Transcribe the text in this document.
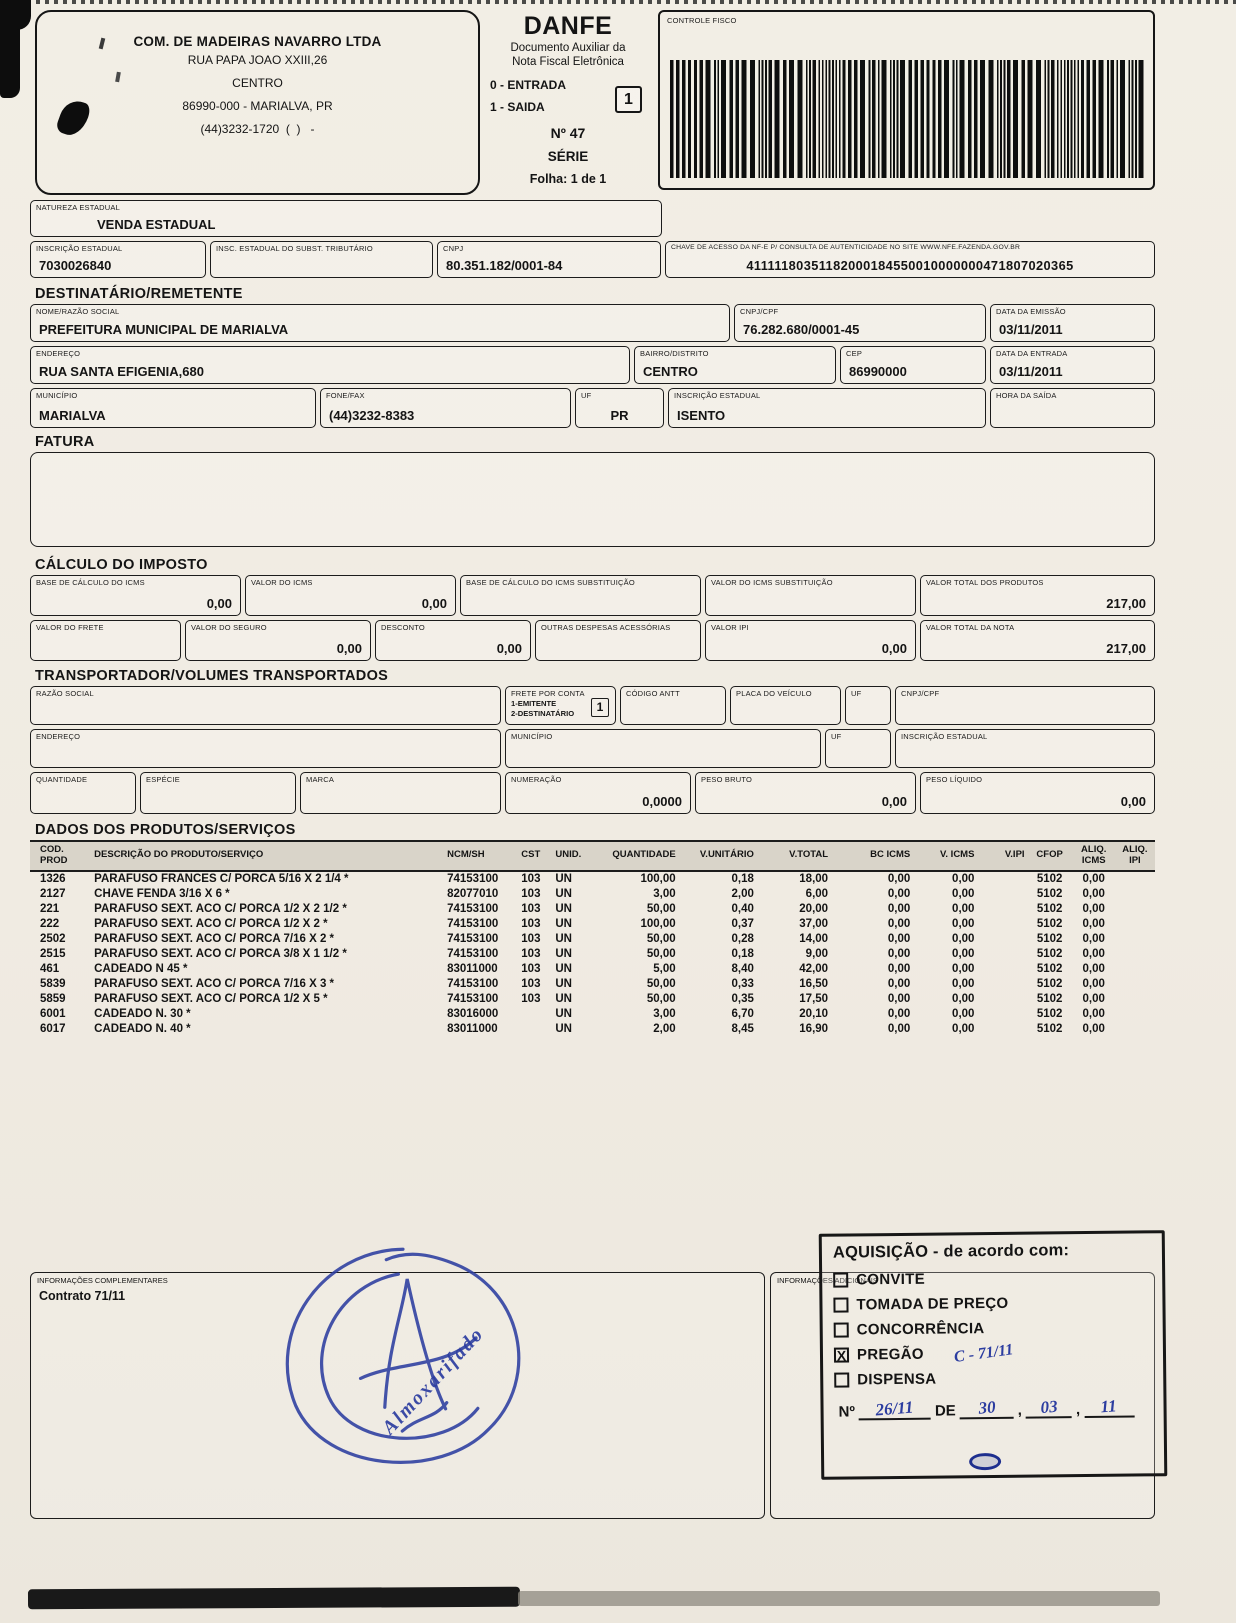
COM. DE MADEIRAS NAVARRO LTDA
RUA PAPA JOAO XXIII,26
CENTRO
86990-000 - MARIALVA, PR
(44)3232-1720  (  )   -
DANFE
Documento Auxiliar da
Nota Fiscal Eletrônica
0 - ENTRADA
1 - SAIDA	1
Nº 47
SÉRIE
Folha: 1 de 1
CONTROLE FISCO
NATUREZA ESTADUAL
VENDA ESTADUAL
INSCRIÇÃO ESTADUAL
7030026840
INSC. ESTADUAL DO SUBST. TRIBUTÁRIO	CNPJ
80.351.182/0001-84
CHAVE DE ACESSO DA NF-E P/ CONSULTA DE AUTENTICIDADE NO SITE WWW.NFE.FAZENDA.GOV.BR
41111180351182000184550010000000471807020365
DESTINATÁRIO/REMETENTE
NOME/RAZÃO SOCIAL
PREFEITURA MUNICIPAL DE MARIALVA
CNPJ/CPF
76.282.680/0001-45
DATA DA EMISSÃO
03/11/2011
ENDEREÇO
RUA SANTA EFIGENIA,680
BAIRRO/DISTRITO
CENTRO
CEP
86990000
DATA DA ENTRADA
03/11/2011
MUNICÍPIO
MARIALVA
FONE/FAX
(44)3232-8383
UF
PR
INSCRIÇÃO ESTADUAL
ISENTO
HORA DA SAÍDA
FATURA
CÁLCULO DO IMPOSTO
BASE DE CÁLCULO DO ICMS
0,00
VALOR DO ICMS
0,00
BASE DE CÁLCULO DO ICMS SUBSTITUIÇÃO	VALOR DO ICMS SUBSTITUIÇÃO	VALOR TOTAL DOS PRODUTOS
217,00
VALOR DO FRETE	VALOR DO SEGURO
0,00
DESCONTO
0,00
OUTRAS DESPESAS ACESSÓRIAS	VALOR IPI
0,00
VALOR TOTAL DA NOTA
217,00
TRANSPORTADOR/VOLUMES TRANSPORTADOS
RAZÃO SOCIAL	FRETE POR CONTA
1-EMITENTE
2-DESTINATÁRIO	1
CÓDIGO ANTT	PLACA DO VEÍCULO	UF	CNPJ/CPF
ENDEREÇO	MUNICÍPIO	UF	INSCRIÇÃO ESTADUAL
QUANTIDADE	ESPÉCIE	MARCA	NUMERAÇÃO
0,0000
PESO BRUTO
0,00
PESO LÍQUIDO
0,00
DADOS DOS PRODUTOS/SERVIÇOS
COD. PROD	DESCRIÇÃO DO PRODUTO/SERVIÇO	NCM/SH	CST	UNID.	QUANTIDADE	V.UNITÁRIO	V.TOTAL	BC ICMS	V. ICMS	V.IPI	CFOP	ALIQ. ICMS	ALIQ. IPI
1326	PARAFUSO FRANCES C/ PORCA 5/16 X 2 1/4 *	74153100	103	UN	100,00	0,18	18,00	0,00	0,00		5102	0,00	
2127	CHAVE FENDA 3/16 X 6 *	82077010	103	UN	3,00	2,00	6,00	0,00	0,00		5102	0,00	
221	PARAFUSO SEXT. ACO C/ PORCA 1/2 X 2 1/2 *	74153100	103	UN	50,00	0,40	20,00	0,00	0,00		5102	0,00	
222	PARAFUSO SEXT. ACO C/ PORCA 1/2 X 2 *	74153100	103	UN	100,00	0,37	37,00	0,00	0,00		5102	0,00	
2502	PARAFUSO SEXT. ACO C/ PORCA 7/16 X 2 *	74153100	103	UN	50,00	0,28	14,00	0,00	0,00		5102	0,00	
2515	PARAFUSO SEXT. ACO C/ PORCA 3/8 X 1 1/2 *	74153100	103	UN	50,00	0,18	9,00	0,00	0,00		5102	0,00	
461	CADEADO N 45 *	83011000	103	UN	5,00	8,40	42,00	0,00	0,00		5102	0,00	
5839	PARAFUSO SEXT. ACO C/ PORCA 7/16 X 3 *	74153100	103	UN	50,00	0,33	16,50	0,00	0,00		5102	0,00	
5859	PARAFUSO SEXT. ACO C/ PORCA 1/2 X 5 *	74153100	103	UN	50,00	0,35	17,50	0,00	0,00		5102	0,00	
6001	CADEADO N. 30 *	83016000		UN	3,00	6,70	20,10	0,00	0,00		5102	0,00	
6017	CADEADO N. 40 *	83011000		UN	2,00	8,45	16,90	0,00	0,00		5102	0,00	
INFORMAÇÕES COMPLEMENTARES
Contrato 71/11
INFORMAÇÕES ADICIONAIS
Almoxarifado
AQUISIÇÃO - de acordo com:
CONVITE
TOMADA DE PREÇO
CONCORRÊNCIA
X PREGÃO C - 71/11
DISPENSA
Nº	26/11	DE	30	,	03	,	11
